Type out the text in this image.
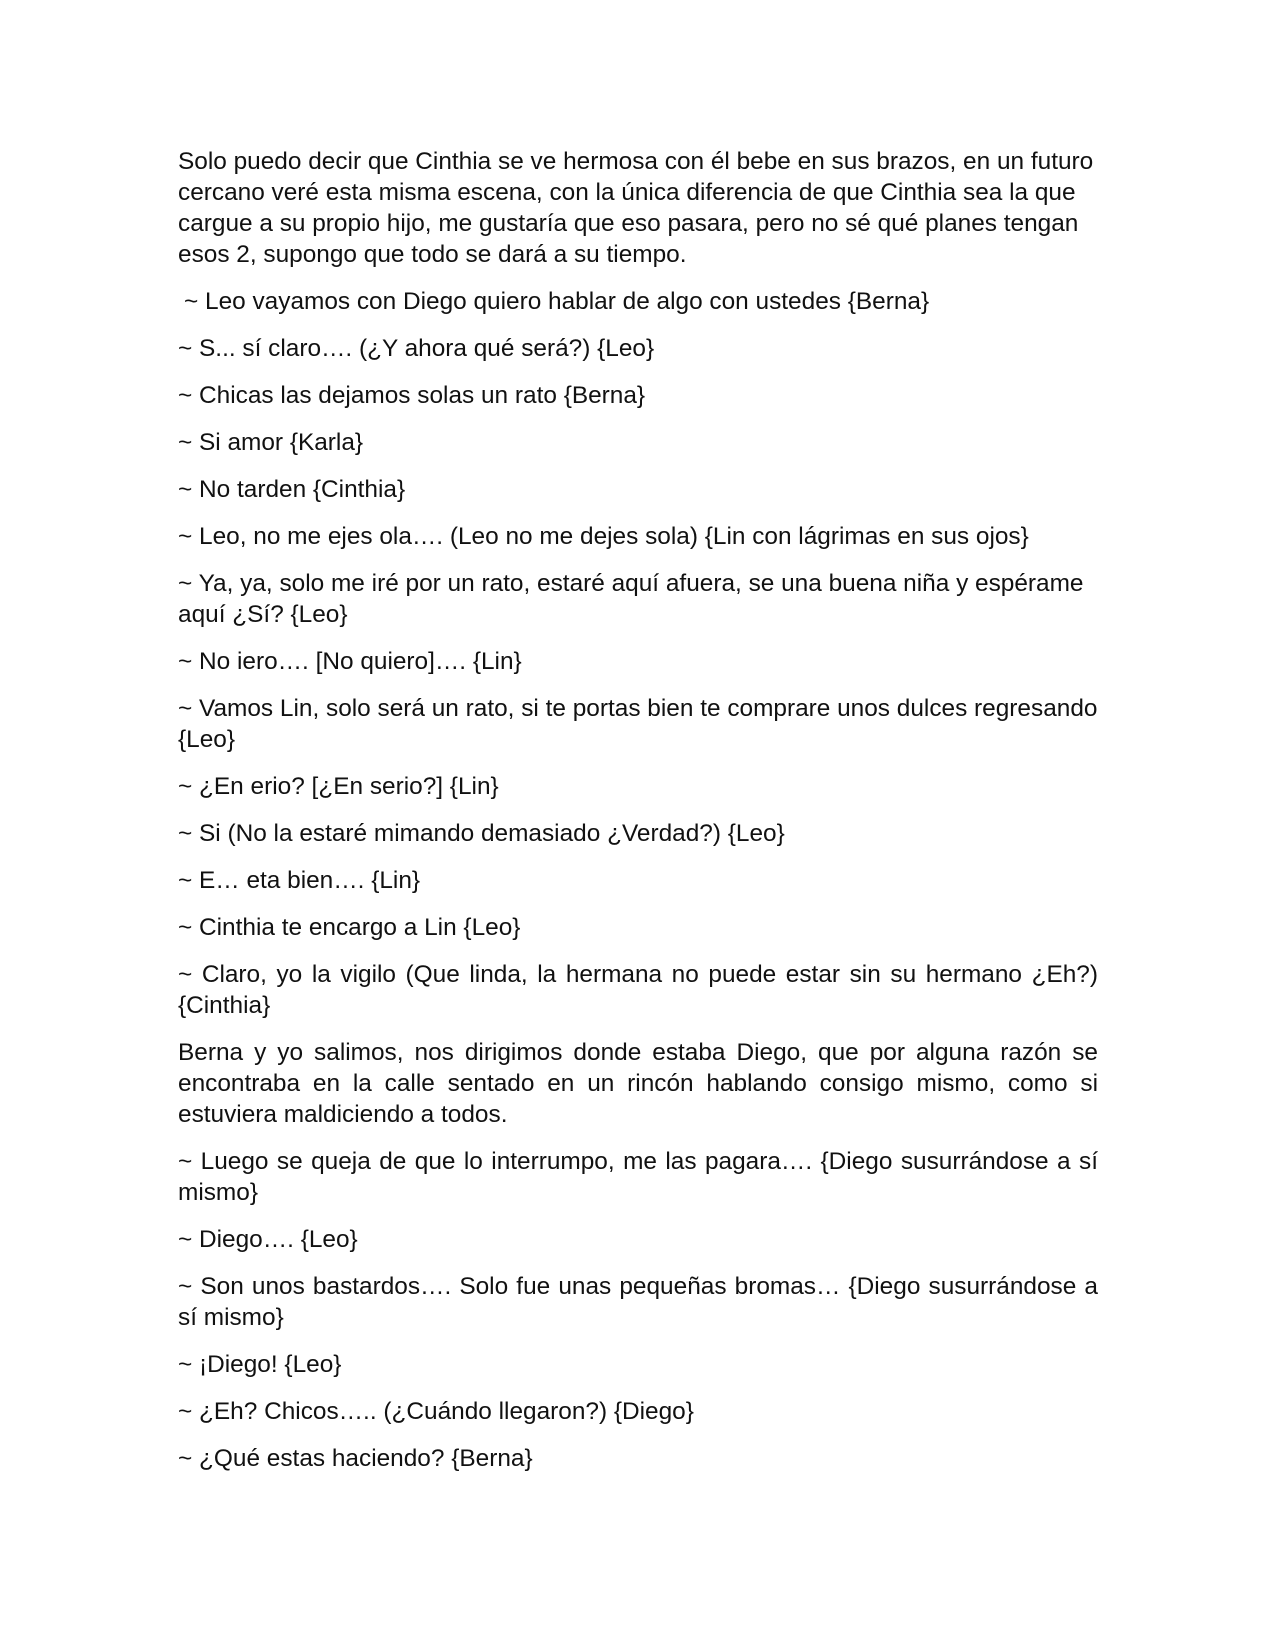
Solo puedo decir que Cinthia se ve hermosa con él bebe en sus brazos, en un futuro cercano veré esta misma escena, con la única diferencia de que Cinthia sea la que cargue a su propio hijo, me gustaría que eso pasara, pero no sé qué planes tengan esos 2, supongo que todo se dará a su tiempo.

~ Leo vayamos con Diego quiero hablar de algo con ustedes {Berna}

~ S... sí claro…. (¿Y ahora qué será?) {Leo}

~ Chicas las dejamos solas un rato {Berna}

~ Si amor {Karla}

~ No tarden {Cinthia}

~ Leo, no me ejes ola…. (Leo no me dejes sola) {Lin con lágrimas en sus ojos}

~ Ya, ya, solo me iré por un rato, estaré aquí afuera, se una buena niña y espérame aquí ¿Sí? {Leo}

~ No iero…. [No quiero]…. {Lin}

~ Vamos Lin, solo será un rato, si te portas bien te comprare unos dulces regresando {Leo}

~ ¿En erio? [¿En serio?] {Lin}

~ Si (No la estaré mimando demasiado ¿Verdad?) {Leo}

~ E… eta bien…. {Lin}

~ Cinthia te encargo a Lin {Leo}

~ Claro, yo la vigilo (Que linda, la hermana no puede estar sin su hermano ¿Eh?) {Cinthia}

Berna y yo salimos, nos dirigimos donde estaba Diego, que por alguna razón se encontraba en la calle sentado en un rincón hablando consigo mismo, como si estuviera maldiciendo a todos.

~ Luego se queja de que lo interrumpo, me las pagara…. {Diego susurrándose a sí mismo}

~ Diego…. {Leo}

~ Son unos bastardos…. Solo fue unas pequeñas bromas… {Diego susurrándose a sí mismo}

~ ¡Diego! {Leo}

~ ¿Eh? Chicos….. (¿Cuándo llegaron?) {Diego}

~ ¿Qué estas haciendo? {Berna}
